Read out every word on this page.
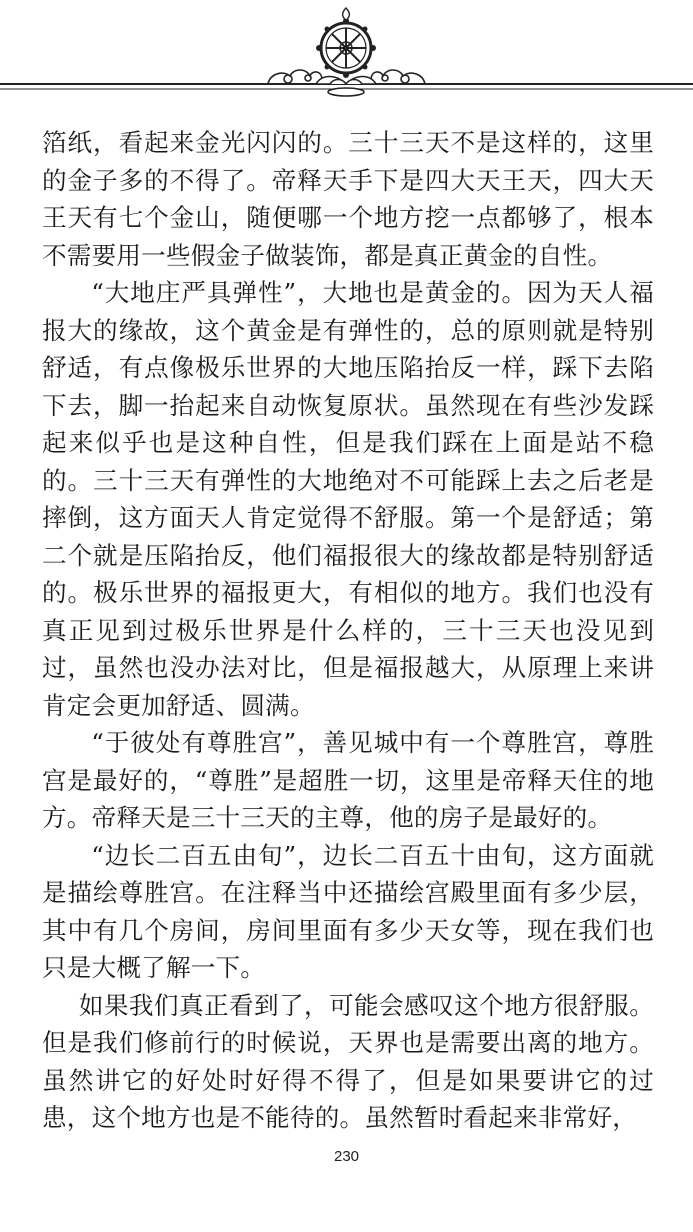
箔纸，看起来金光闪闪的。三十三天不是这样的，这里的金子多的不得了。帝释天手下是四大天王天，四大天王天有七个金山，随便哪一个地方挖一点都够了，根本不需要用一些假金子做装饰，都是真正黄金的自性。

“大地庄严具弹性”，大地也是黄金的。因为天人福报大的缘故，这个黄金是有弹性的，总的原则就是特别舒适，有点像极乐世界的大地压陷抬反一样，踩下去陷下去，脚一抬起来自动恢复原状。虽然现在有些沙发踩起来似乎也是这种自性，但是我们踩在上面是站不稳的。三十三天有弹性的大地绝对不可能踩上去之后老是摔倒，这方面天人肯定觉得不舒服。第一个是舒适；第二个就是压陷抬反，他们福报很大的缘故都是特别舒适的。极乐世界的福报更大，有相似的地方。我们也没有真正见到过极乐世界是什么样的，三十三天也没见到过，虽然也没办法对比，但是福报越大，从原理上来讲肯定会更加舒适、圆满。

“于彼处有尊胜宫”，善见城中有一个尊胜宫，尊胜宫是最好的，“尊胜”是超胜一切，这里是帝释天住的地方。帝释天是三十三天的主尊，他的房子是最好的。

“边长二百五由旬”，边长二百五十由旬，这方面就是描绘尊胜宫。在注释当中还描绘宫殿里面有多少层，其中有几个房间，房间里面有多少天女等，现在我们也只是大概了解一下。

如果我们真正看到了，可能会感叹这个地方很舒服。但是我们修前行的时候说，天界也是需要出离的地方。虽然讲它的好处时好得不得了，但是如果要讲它的过患，这个地方也是不能待的。虽然暂时看起来非常好，

230
